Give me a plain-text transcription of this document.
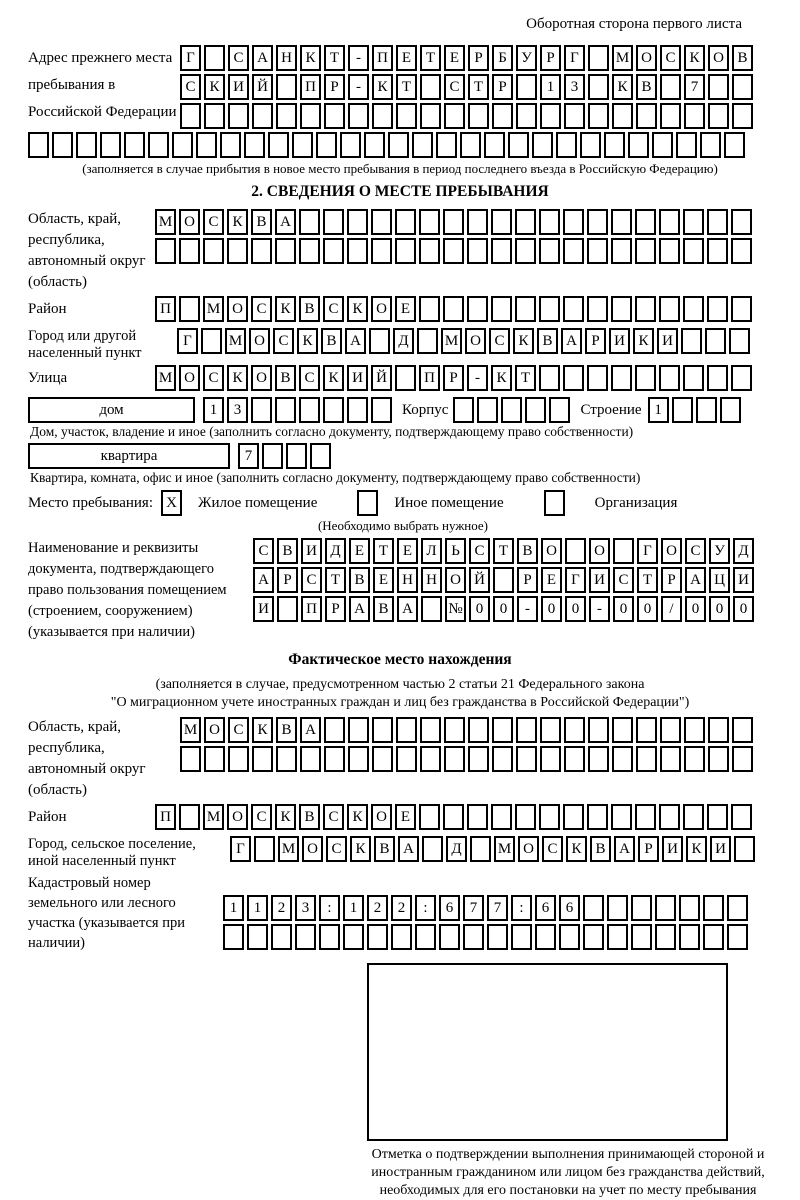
Оборотная сторона первого листа
Адрес прежнего места пребывания в Российской Федерации
Г	С А Н К Т	-	П Е Т Е	Р	Б У Р	Г	М О С К О В
С К И Й	П Р	-	К Т	С Т	Р	1	3	К В	7
(заполняется в случае прибытия в новое место пребывания в период последнего въезда в Российскую Федерацию)
2. СВЕДЕНИЯ О МЕСТЕ ПРЕБЫВАНИЯ
Область, край, республика, автономный округ (область)
М О С К В А
Район	П	М О С К В С К О Е
Город или другой населенный пункт
Г	М О С К В А	Д	М О С К В А Р И К И
Улица	М О С К О В С К И Й	П Р	-	К Т
дом	1	3	Корпус	Строение 1
Дом, участок, владение и иное (заполнить согласно документу, подтверждающему право собственности)
квартира	7
Квартира, комната, офис и иное (заполнить согласно документу, подтверждающему право собственности)
Место пребывания: X	Жилое помещение	Иное помещение	Организация
(Необходимо выбрать нужное)
Наименование и реквизиты документа, подтверждающего право пользования помещением (строением, сооружением) (указывается при наличии)
С В И Д Е Т Е Л Ь С Т В О	О	Г О С У Д
А Р С Т В Е Н Н О Й	Р	Е	Г И С Т	Р А Ц И
И	П Р А В А	№ 0	0	-	0	0	-	0	0	/	0	0	0
Фактическое место нахождения
(заполняется в случае, предусмотренном частью 2 статьи 21 Федерального закона
"О миграционном учете иностранных граждан и лиц без гражданства в Российской Федерации")
Область, край, республика, автономный округ (область)
М О С К В А
Район	П	М О С К В С К О Е
Город, сельское поселение, иной населенный пункт
Г	М О С К В А	Д	М О С К В А Р И К И
Кадастровый номер земельного или лесного участка (указывается при наличии)
1	1	2	3	:	1	2	2	:	6	7	7	:	6	6
Отметка о подтверждении выполнения принимающей стороной и иностранным гражданином или лицом без гражданства действий, необходимых для его постановки на учет по месту пребывания
